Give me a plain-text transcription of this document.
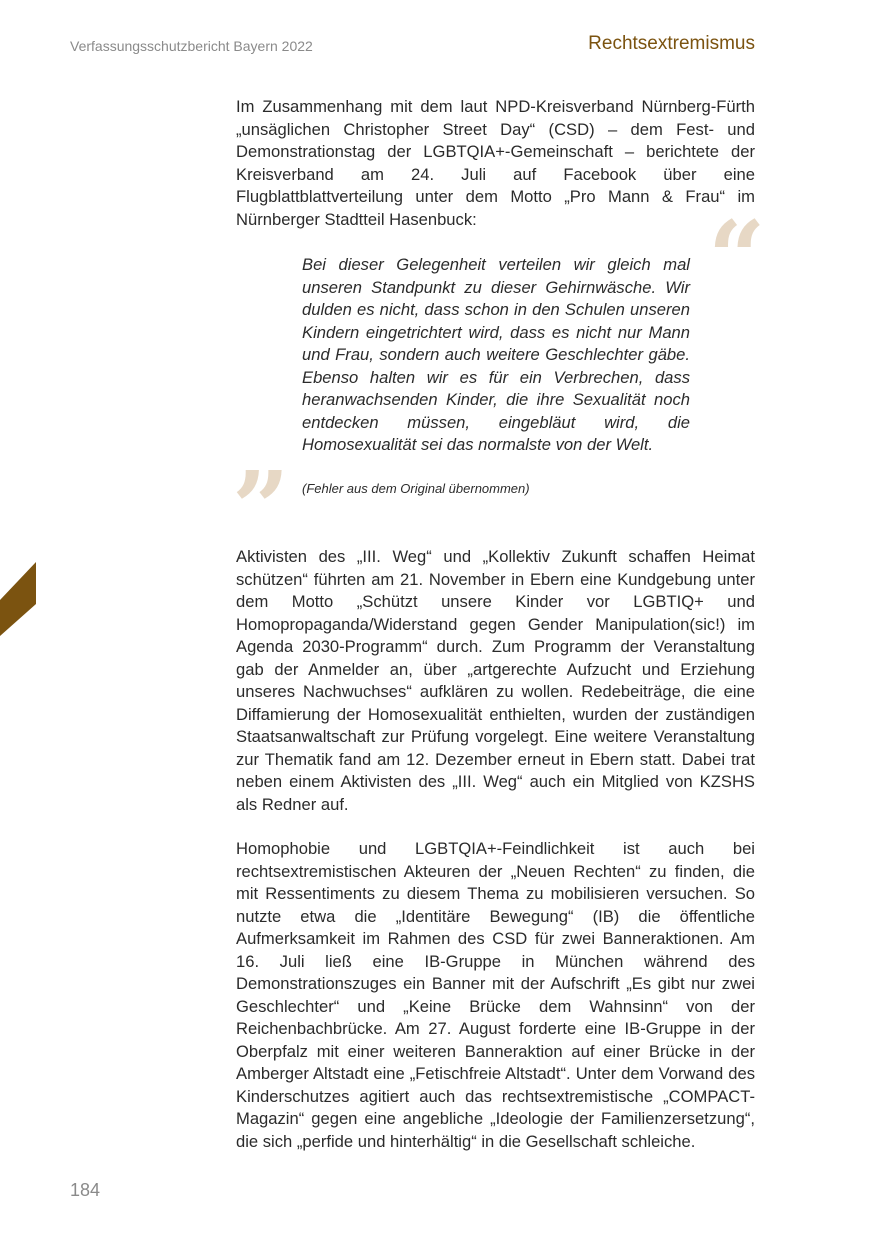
Verfassungsschutzbericht Bayern 2022	Rechtsextremismus

Im Zusammenhang mit dem laut NPD-Kreisverband Nürnberg-Fürth „unsäglichen Christopher Street Day“ (CSD) – dem Fest- und Demonstrationstag der LGBTQIA+-Gemeinschaft – berichtete der Kreisverband am 24. Juli auf Facebook über eine Flugblattblattverteilung unter dem Motto „Pro Mann & Frau“ im Nürnberger Stadtteil Hasenbuck:	“

Bei dieser Gelegenheit verteilen wir gleich mal unseren Standpunkt zu dieser Gehirnwäsche. Wir dulden es nicht, dass schon in den Schulen unseren Kindern eingetrichtert wird, dass es nicht nur Mann und Frau, sondern auch weitere Geschlechter gäbe. Ebenso halten wir es für ein Verbrechen, dass heranwachsenden Kinder, die ihre Sexualität noch entdecken müssen, eingebläut wird, die Homosexualität sei das normalste von der Welt.

” (Fehler aus dem Original übernommen)

Aktivisten des „III. Weg“ und „Kollektiv Zukunft schaffen Heimat schützen“ führten am 21. November in Ebern eine Kundgebung unter dem Motto „Schützt unsere Kinder vor LGBTIQ+ und Homopropaganda/Widerstand gegen Gender Manipulation(sic!) im Agenda 2030-Programm“ durch. Zum Programm der Veranstaltung gab der Anmelder an, über „artgerechte Aufzucht und Erziehung unseres Nachwuchses“ aufklären zu wollen. Redebeiträge, die eine Diffamierung der Homosexualität enthielten, wurden der zuständigen Staatsanwaltschaft zur Prüfung vorgelegt. Eine weitere Veranstaltung zur Thematik fand am 12. Dezember erneut in Ebern statt. Dabei trat neben einem Aktivisten des „III. Weg“ auch ein Mitglied von KZSHS als Redner auf.

Homophobie und LGBTQIA+-Feindlichkeit ist auch bei rechtsextremistischen Akteuren der „Neuen Rechten“ zu finden, die mit Ressentiments zu diesem Thema zu mobilisieren versuchen. So nutzte etwa die „Identitäre Bewegung“ (IB) die öffentliche Aufmerksamkeit im Rahmen des CSD für zwei Banneraktionen. Am 16. Juli ließ eine IB-Gruppe in München während des Demonstrationszuges ein Banner mit der Aufschrift „Es gibt nur zwei Geschlechter“ und „Keine Brücke dem Wahnsinn“ von der Reichenbachbrücke. Am 27. August forderte eine IB-Gruppe in der Oberpfalz mit einer weiteren Banneraktion auf einer Brücke in der Amberger Altstadt eine „Fetischfreie Altstadt“. Unter dem Vorwand des Kinderschutzes agitiert auch das rechtsextremistische „COMPACT-Magazin“ gegen eine angebliche „Ideologie der Familienzersetzung“, die sich „perfide und hinterhältig“ in die Gesellschaft schleiche.

184
